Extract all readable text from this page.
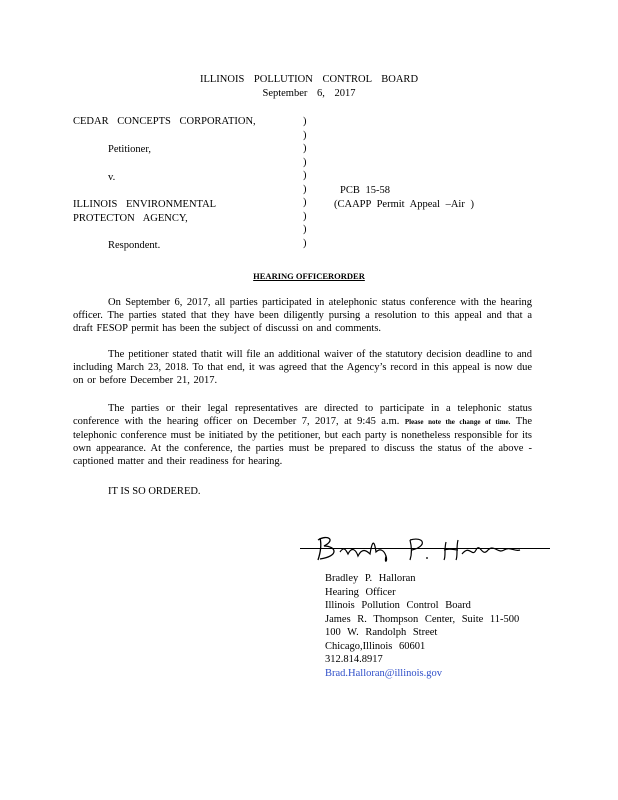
ILLINOIS POLLUTION CONTROL BOARD
September 6, 2017
CEDAR CONCEPTS CORPORATION,
Petitioner,
v.
ILLINOIS ENVIRONMENTAL
PROTECTON AGENCY,
Respondent.
)
)
)
)
)
)
)
)
)
)
PCB 15-58
(CAAPP Permit Appeal –Air )
HEARING OFFICERORDER
On September 6, 2017, all parties participated in atelephonic status conference with the hearing officer. The parties stated that they have been diligently pursing a resolution to this appeal and that a draft FESOP permit has been the subject of discussi on and comments.
The petitioner stated thatit will file an additional waiver of the statutory decision deadline to and including March 23, 2018. To that end, it was agreed that the Agency’s record in this appeal is now due on or before December 21, 2017.
The parties or their legal representatives are directed to participate in a telephonic status conference with the hearing officer on December 7, 2017, at 9:45 a.m. Please note the change of time. The telephonic conference must be initiated by the petitioner, but each party is nonetheless responsible for its own appearance. At the conference, the parties must be prepared to discuss the status of the above -captioned matter and their readiness for hearing.
IT IS SO ORDERED.
Bradley P. Halloran
Hearing Officer
Illinois Pollution Control Board
James R. Thompson Center, Suite 11-500
100 W. Randolph Street
Chicago,Illinois 60601
312.814.8917
Brad.Halloran@illinois.gov
